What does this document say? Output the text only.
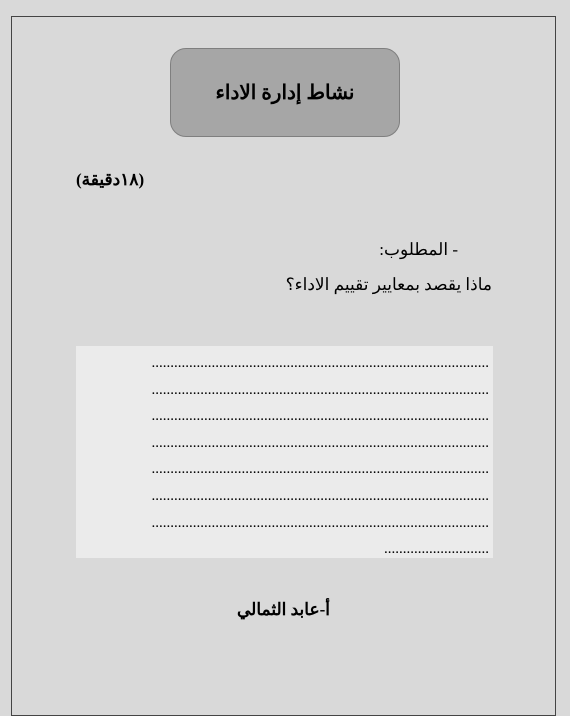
نشاط إدارة الاداء
(١٨دقيقة)
- المطلوب:
ماذا يقصد بمعايير تقييم الاداء؟
..........................................................................................
..........................................................................................
..........................................................................................
..........................................................................................
..........................................................................................
..........................................................................................
..........................................................................................
............................
أ-عابد الثمالي
